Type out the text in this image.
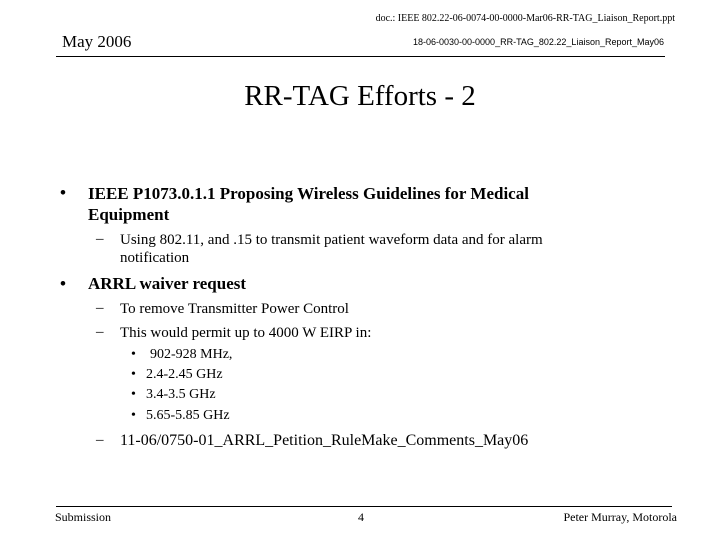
doc.: IEEE 802.22-06-0074-00-0000-Mar06-RR-TAG_Liaison_Report.ppt
May 2006	18-06-0030-00-0000_RR-TAG_802.22_Liaison_Report_May06
RR-TAG Efforts - 2
• IEEE P1073.0.1.1 Proposing Wireless Guidelines for Medical
Equipment
– Using 802.11, and .15 to transmit patient waveform data and for alarm
notification
• ARRL waiver request
– To remove Transmitter Power Control
– This would permit up to 4000 W EIRP in:
• 902-928 MHz,
• 2.4-2.45 GHz
• 3.4-3.5 GHz
• 5.65-5.85 GHz
– 11-06/0750-01_ARRL_Petition_RuleMake_Comments_May06
Submission	4	Peter Murray, Motorola
